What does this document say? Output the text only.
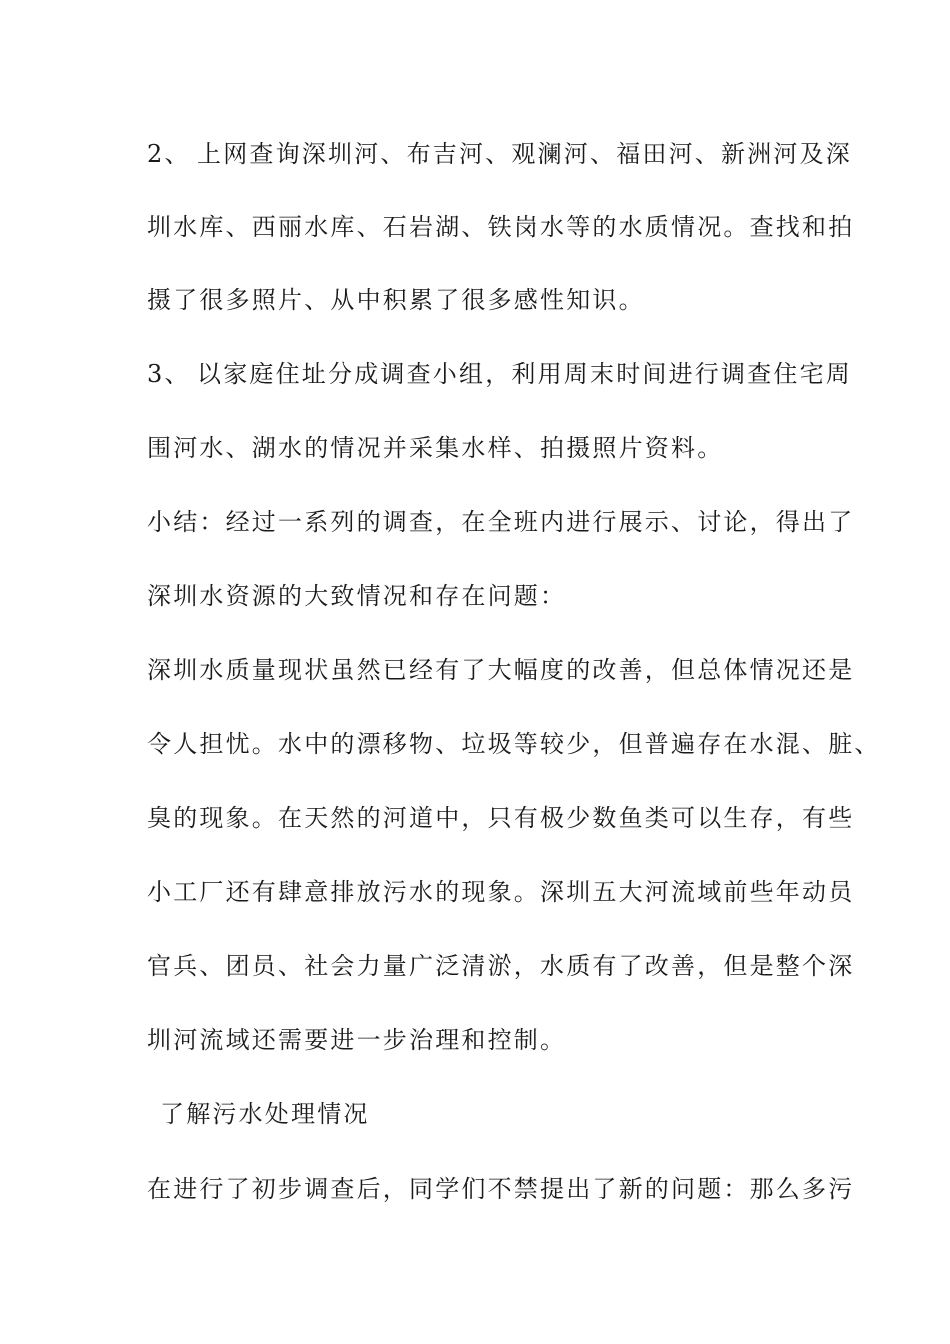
2、 上网查询深圳河、布吉河、观澜河、福田河、新洲河及深
圳水库、西丽水库、石岩湖、铁岗水等的水质情况。查找和拍
摄了很多照片、从中积累了很多感性知识。
3、 以家庭住址分成调查小组，利用周末时间进行调查住宅周
围河水、湖水的情况并采集水样、拍摄照片资料。
小结：经过一系列的调查，在全班内进行展示、讨论，得出了
深圳水资源的大致情况和存在问题：
深圳水质量现状虽然已经有了大幅度的改善，但总体情况还是
令人担忧。水中的漂移物、垃圾等较少，但普遍存在水混、脏、
臭的现象。在天然的河道中，只有极少数鱼类可以生存，有些
小工厂还有肆意排放污水的现象。深圳五大河流域前些年动员
官兵、团员、社会力量广泛清淤，水质有了改善，但是整个深
圳河流域还需要进一步治理和控制。
了解污水处理情况
在进行了初步调查后，同学们不禁提出了新的问题：那么多污
